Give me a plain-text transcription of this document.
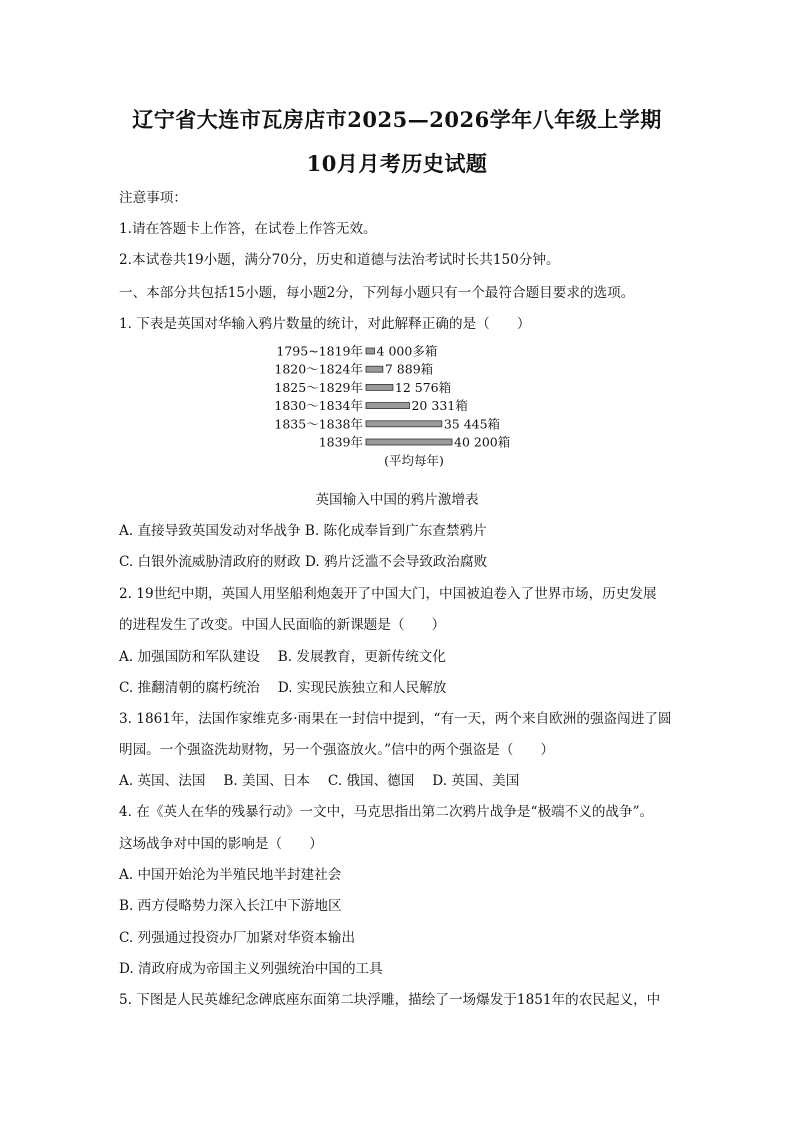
辽宁省大连市瓦房店市2025—2026学年八年级上学期
10月月考历史试题
注意事项：
1.请在答题卡上作答，在试卷上作答无效。
2.本试卷共19小题，满分70分，历史和道德与法治考试时长共150分钟。
一、本部分共包括15小题，每小题2分，下列每小题只有一个最符合题目要求的选项。
1. 下表是英国对华输入鸦片数量的统计，对此解释正确的是（　　）
1795~1819年 4 000多箱
1820～1824年 7 889箱
1825～1829年	12 576箱
1830～1834年	20 331箱
1835～1838年	35 445箱
1839年	40 200箱
(平均每年)
英国输入中国的鸦片激增表
A. 直接导致英国发动对华战争 B. 陈化成奉旨到广东查禁鸦片
C. 白银外流威胁清政府的财政 D. 鸦片泛滥不会导致政治腐败
2. 19世纪中期，英国人用坚船利炮轰开了中国大门，中国被迫卷入了世界市场，历史发展
的进程发生了改变。中国人民面临的新课题是（　　）
A. 加强国防和军队建设　 B. 发展教育，更新传统文化
C. 推翻清朝的腐朽统治　 D. 实现民族独立和人民解放
3. 1861年，法国作家维克多·雨果在一封信中提到，“有一天，两个来自欧洲的强盗闯进了圆
明园。一个强盗洗劫财物，另一个强盗放火。”信中的两个强盗是（　　）
A. 英国、法国　 B. 美国、日本　 C. 俄国、德国　 D. 英国、美国
4. 在《英人在华的残暴行动》一文中，马克思指出第二次鸦片战争是“极端不义的战争”。
这场战争对中国的影响是（　　）
A. 中国开始沦为半殖民地半封建社会
B. 西方侵略势力深入长江中下游地区
C. 列强通过投资办厂加紧对华资本输出
D. 清政府成为帝国主义列强统治中国的工具
5. 下图是人民英雄纪念碑底座东面第二块浮雕，描绘了一场爆发于1851年的农民起义，中
